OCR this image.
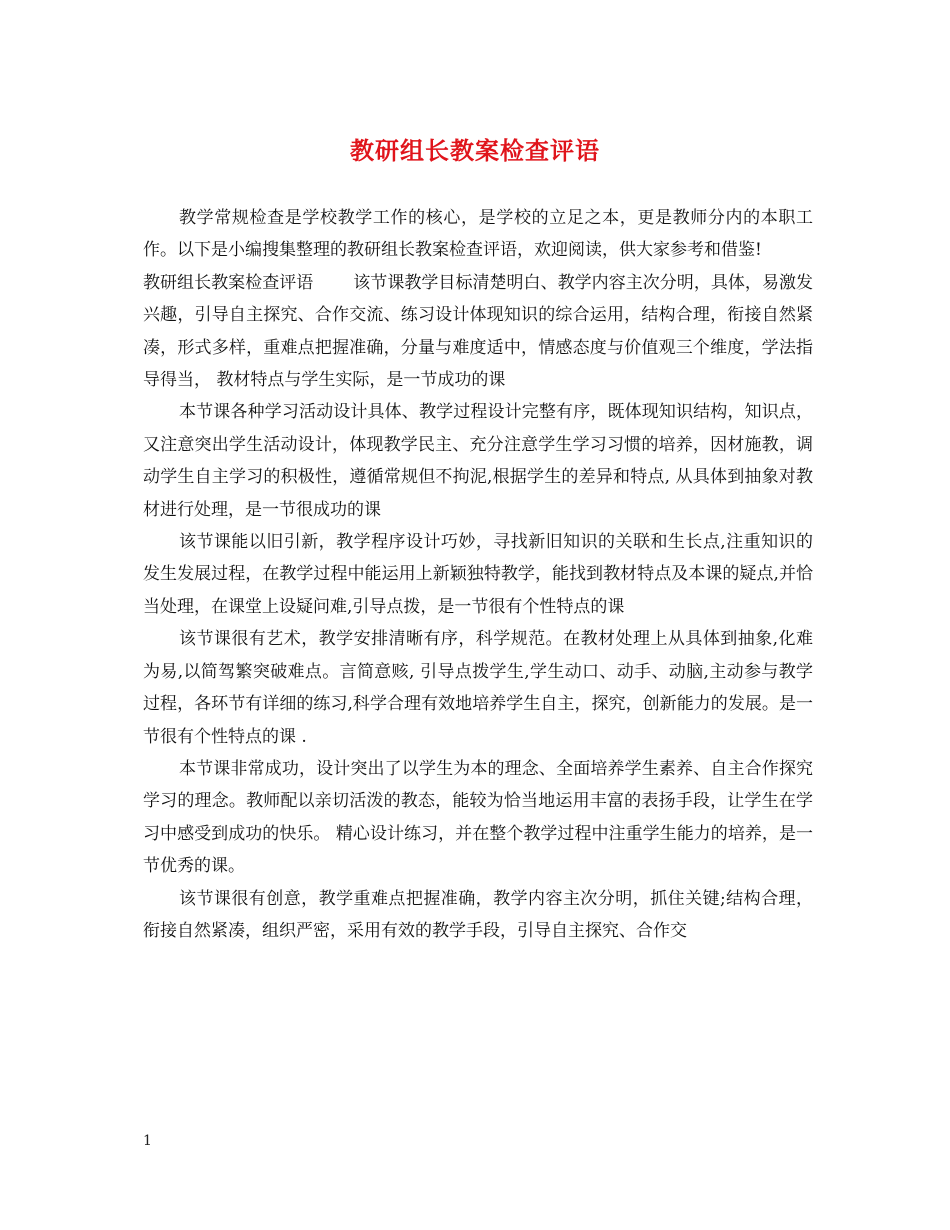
教研组长教案检查评语

教学常规检查是学校教学工作的核心，是学校的立足之本，更是教师分内的本职工作。以下是小编搜集整理的教研组长教案检查评语，欢迎阅读，供大家参考和借鉴!

教研组长教案检查评语 该节课教学目标清楚明白、教学内容主次分明，具体，易激发兴趣，引导自主探究、合作交流、练习设计体现知识的综合运用，结构合理，衔接自然紧凑，形式多样，重难点把握准确，分量与难度适中，情感态度与价值观三个维度，学法指导得当， 教材特点与学生实际，是一节成功的课

本节课各种学习活动设计具体、教学过程设计完整有序，既体现知识结构，知识点，又注意突出学生活动设计，体现教学民主、充分注意学生学习习惯的培养，因材施教，调动学生自主学习的积极性，遵循常规但不拘泥,根据学生的差异和特点, 从具体到抽象对教材进行处理，是一节很成功的课

该节课能以旧引新，教学程序设计巧妙，寻找新旧知识的关联和生长点,注重知识的发生发展过程，在教学过程中能运用上新颖独特教学，能找到教材特点及本课的疑点,并恰当处理，在课堂上设疑问难,引导点拨，是一节很有个性特点的课

该节课很有艺术，教学安排清晰有序，科学规范。在教材处理上从具体到抽象,化难为易,以简驾繁突破难点。言简意赅, 引导点拨学生,学生动口、动手、动脑,主动参与教学过程，各环节有详细的练习,科学合理有效地培养学生自主，探究，创新能力的发展。是一节很有个性特点的课 .

本节课非常成功，设计突出了以学生为本的理念、全面培养学生素养、自主合作探究学习的理念。教师配以亲切活泼的教态，能较为恰当地运用丰富的表扬手段，让学生在学习中感受到成功的快乐。 精心设计练习，并在整个教学过程中注重学生能力的培养，是一节优秀的课。

该节课很有创意，教学重难点把握准确，教学内容主次分明，抓住关键;结构合理，衔接自然紧凑，组织严密，采用有效的教学手段，引导自主探究、合作交

1
